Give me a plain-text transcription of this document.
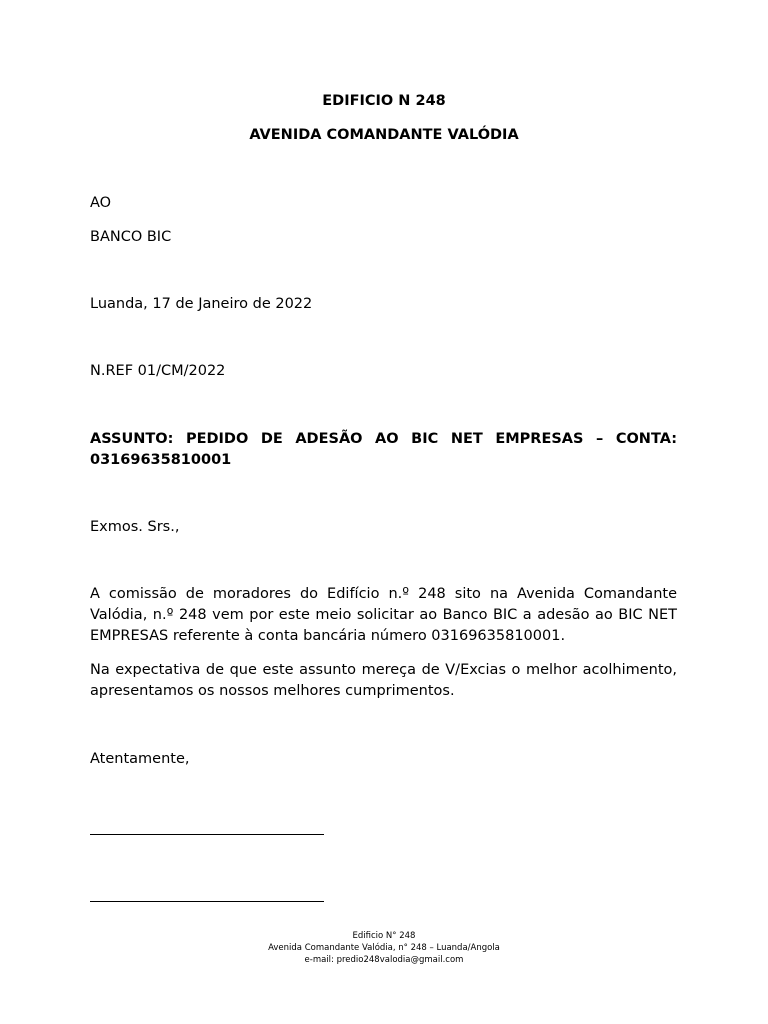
EDIFICIO N 248
AVENIDA COMANDANTE VALÓDIA
AO
BANCO BIC
Luanda, 17 de Janeiro de 2022
N.REF 01/CM/2022
ASSUNTO: PEDIDO DE ADESÃO AO BIC NET EMPRESAS – CONTA: 03169635810001
Exmos. Srs.,
A comissão de moradores do Edifício n.º 248 sito na Avenida Comandante Valódia, n.º 248 vem por este meio solicitar ao Banco BIC a adesão ao BIC NET EMPRESAS referente à conta bancária número 03169635810001.
Na expectativa de que este assunto mereça de V/Excias o melhor acolhimento, apresentamos os nossos melhores cumprimentos.
Atentamente,
Edificio N° 248
Avenida Comandante Valódia, n° 248 – Luanda/Angola
e-mail: predio248valodia@gmail.com
